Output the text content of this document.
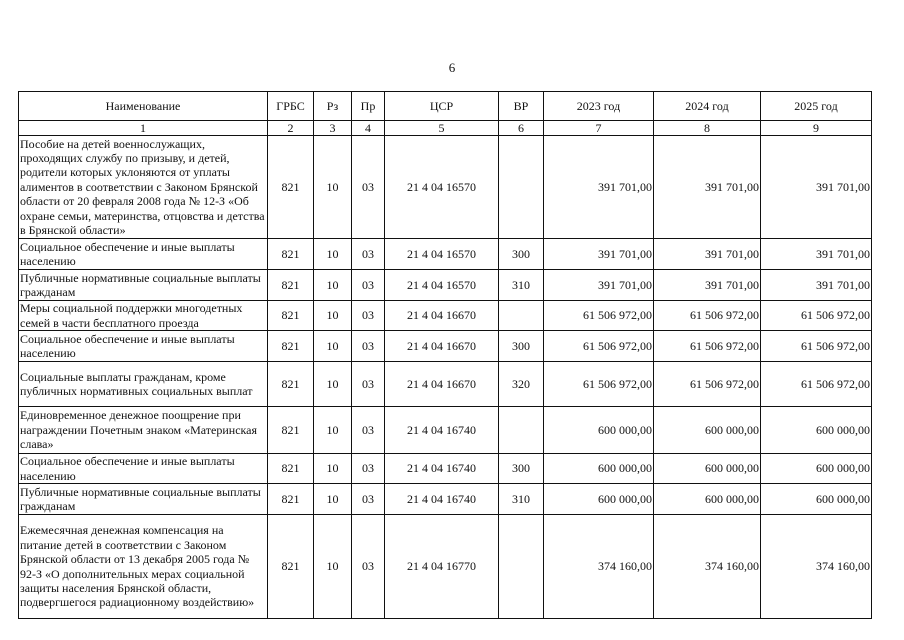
6
Наименование	ГРБС	Рз	Пр	ЦСР	ВР	2023 год	2024 год	2025 год
1	2	3	4	5	6	7	8	9
Пособие на детей военнослужащих, проходящих службу по призыву, и детей, родители которых уклоняются от уплаты алиментов в соответствии с Законом Брянской области от 20 февраля 2008 года № 12-З «Об охране семьи, материнства, отцовства и детства в Брянской области»	821	10	03	21 4 04 16570		391 701,00	391 701,00	391 701,00
Социальное обеспечение и иные выплаты населению	821	10	03	21 4 04 16570	300	391 701,00	391 701,00	391 701,00
Публичные нормативные социальные выплаты гражданам	821	10	03	21 4 04 16570	310	391 701,00	391 701,00	391 701,00
Меры социальной поддержки многодетных семей в части бесплатного проезда	821	10	03	21 4 04 16670		61 506 972,00	61 506 972,00	61 506 972,00
Социальное обеспечение и иные выплаты населению	821	10	03	21 4 04 16670	300	61 506 972,00	61 506 972,00	61 506 972,00
Социальные выплаты гражданам, кроме публичных нормативных социальных выплат	821	10	03	21 4 04 16670	320	61 506 972,00	61 506 972,00	61 506 972,00
Единовременное денежное поощрение при награждении Почетным знаком «Материнская слава»	821	10	03	21 4 04 16740		600 000,00	600 000,00	600 000,00
Социальное обеспечение и иные выплаты населению	821	10	03	21 4 04 16740	300	600 000,00	600 000,00	600 000,00
Публичные нормативные социальные выплаты гражданам	821	10	03	21 4 04 16740	310	600 000,00	600 000,00	600 000,00
Ежемесячная денежная компенсация на питание детей в соответствии с Законом Брянской области от 13 декабря 2005 года № 92-З «О дополнительных мерах социальной защиты населения Брянской области, подвергшегося радиационному воздействию»	821	10	03	21 4 04 16770		374 160,00	374 160,00	374 160,00
